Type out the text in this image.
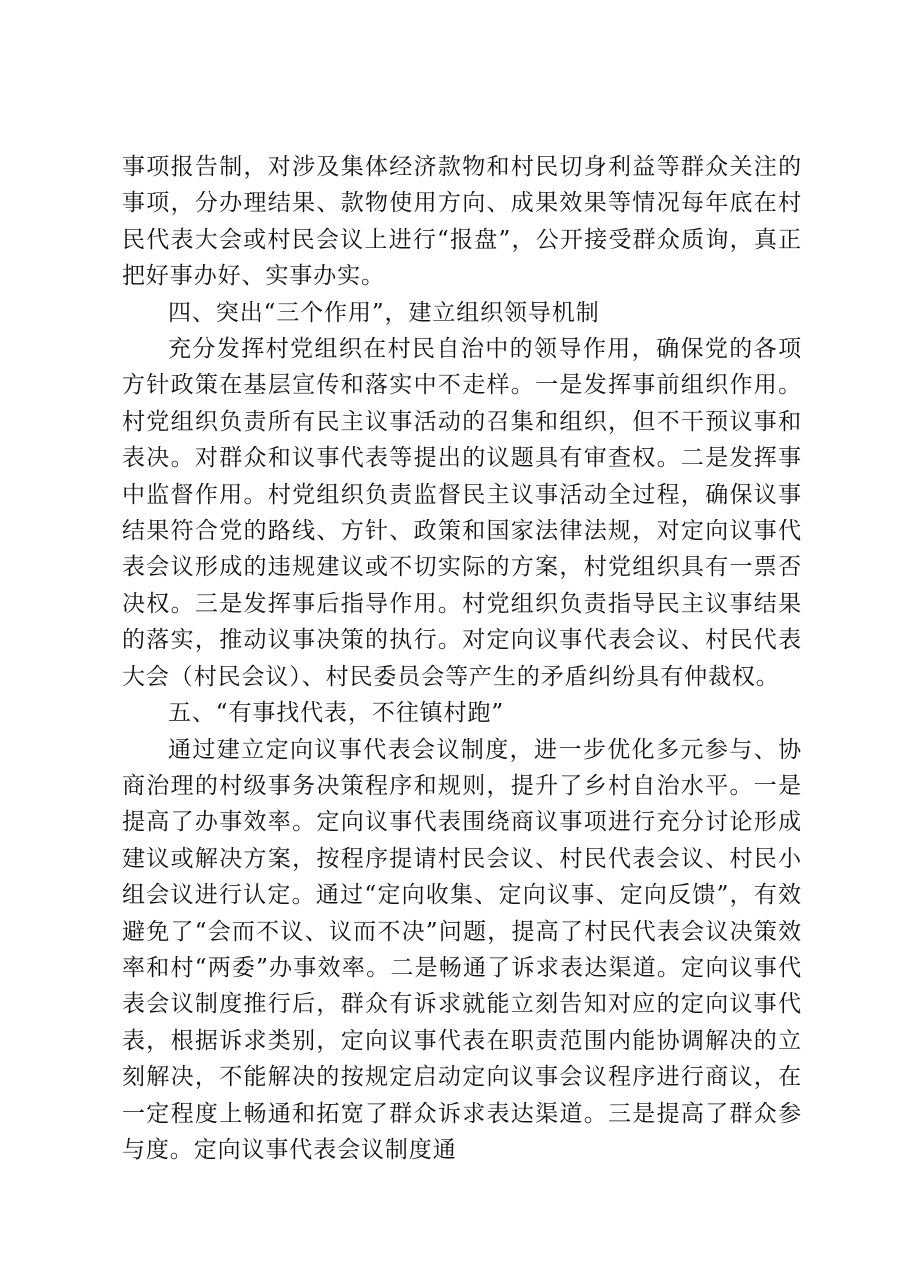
事项报告制，对涉及集体经济款物和村民切身利益等群众关注的事项，分办理结果、款物使用方向、成果效果等情况每年底在村民代表大会或村民会议上进行“报盘”，公开接受群众质询，真正把好事办好、实事办实。

四、突出“三个作用”，建立组织领导机制

充分发挥村党组织在村民自治中的领导作用，确保党的各项方针政策在基层宣传和落实中不走样。一是发挥事前组织作用。村党组织负责所有民主议事活动的召集和组织，但不干预议事和表决。对群众和议事代表等提出的议题具有审查权。二是发挥事中监督作用。村党组织负责监督民主议事活动全过程，确保议事结果符合党的路线、方针、政策和国家法律法规，对定向议事代表会议形成的违规建议或不切实际的方案，村党组织具有一票否决权。三是发挥事后指导作用。村党组织负责指导民主议事结果的落实，推动议事决策的执行。对定向议事代表会议、村民代表大会（村民会议）、村民委员会等产生的矛盾纠纷具有仲裁权。

五、“有事找代表，不往镇村跑”

通过建立定向议事代表会议制度，进一步优化多元参与、协商治理的村级事务决策程序和规则，提升了乡村自治水平。一是提高了办事效率。定向议事代表围绕商议事项进行充分讨论形成建议或解决方案，按程序提请村民会议、村民代表会议、村民小组会议进行认定。通过“定向收集、定向议事、定向反馈”，有效避免了“会而不议、议而不决”问题，提高了村民代表会议决策效率和村“两委”办事效率。二是畅通了诉求表达渠道。定向议事代表会议制度推行后，群众有诉求就能立刻告知对应的定向议事代表，根据诉求类别，定向议事代表在职责范围内能协调解决的立刻解决，不能解决的按规定启动定向议事会议程序进行商议，在一定程度上畅通和拓宽了群众诉求表达渠道。三是提高了群众参与度。定向议事代表会议制度通
